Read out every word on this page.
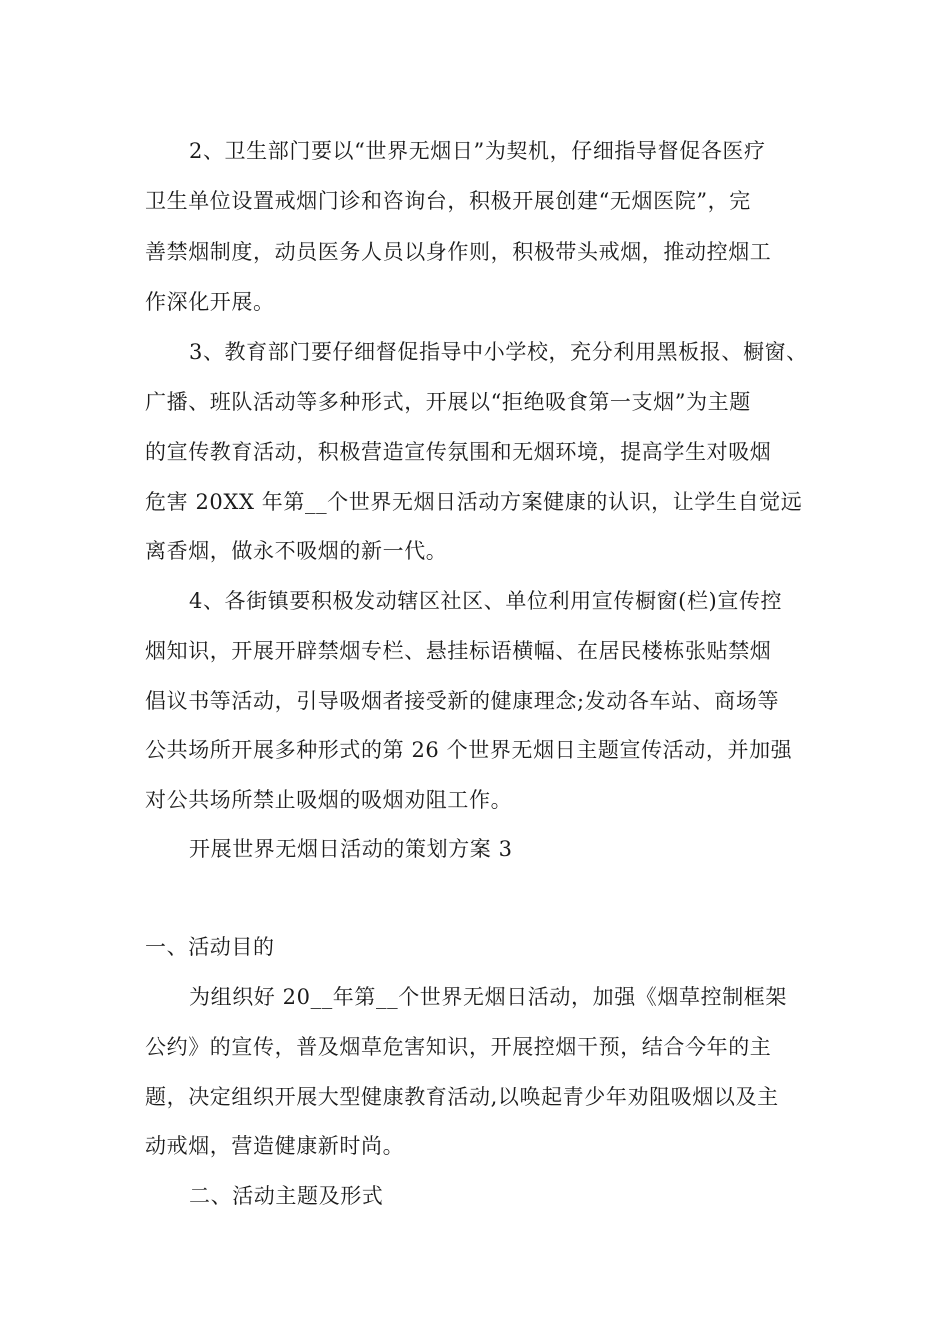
2、卫生部门要以“世界无烟日”为契机，仔细指导督促各医疗
卫生单位设置戒烟门诊和咨询台，积极开展创建“无烟医院”，完
善禁烟制度，动员医务人员以身作则，积极带头戒烟，推动控烟工
作深化开展。
3、教育部门要仔细督促指导中小学校，充分利用黑板报、橱窗、
广播、班队活动等多种形式，开展以“拒绝吸食第一支烟”为主题
的宣传教育活动，积极营造宣传氛围和无烟环境，提高学生对吸烟
危害 20XX 年第__个世界无烟日活动方案健康的认识，让学生自觉远
离香烟，做永不吸烟的新一代。
4、各街镇要积极发动辖区社区、单位利用宣传橱窗(栏)宣传控
烟知识，开展开辟禁烟专栏、悬挂标语横幅、在居民楼栋张贴禁烟
倡议书等活动，引导吸烟者接受新的健康理念;发动各车站、商场等
公共场所开展多种形式的第 26 个世界无烟日主题宣传活动，并加强
对公共场所禁止吸烟的吸烟劝阻工作。
开展世界无烟日活动的策划方案 3
一、活动目的
为组织好 20__年第__个世界无烟日活动，加强《烟草控制框架
公约》的宣传，普及烟草危害知识，开展控烟干预，结合今年的主
题，决定组织开展大型健康教育活动,以唤起青少年劝阻吸烟以及主
动戒烟，营造健康新时尚。
二、活动主题及形式
